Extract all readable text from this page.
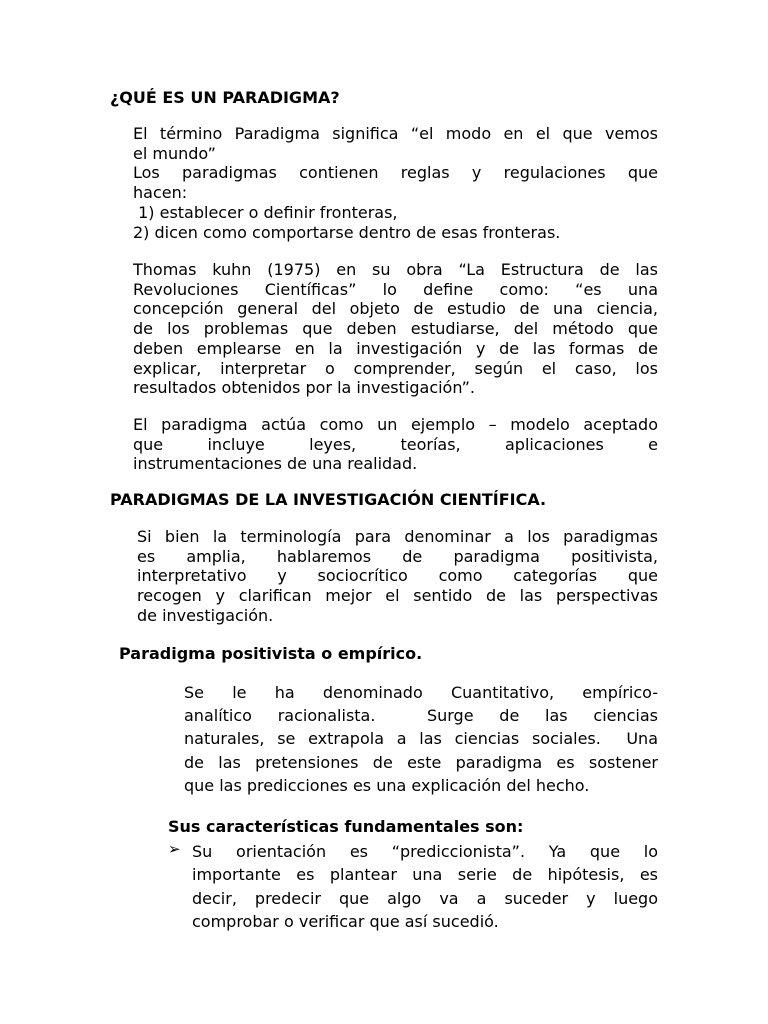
¿QUÉ ES UN PARADIGMA?
El término Paradigma significa “el modo en el que vemos
el mundo”
Los paradigmas contienen reglas y regulaciones que
hacen:
1) establecer o definir fronteras,
2) dicen como comportarse dentro de esas fronteras.
Thomas kuhn (1975) en su obra “La Estructura de las
Revoluciones Científicas” lo define como: “es una
concepción general del objeto de estudio de una ciencia,
de los problemas que deben estudiarse, del método que
deben emplearse en la investigación y de las formas de
explicar, interpretar o comprender, según el caso, los
resultados obtenidos por la investigación”.
El paradigma actúa como un ejemplo – modelo aceptado
que incluye leyes, teorías, aplicaciones e
instrumentaciones de una realidad.
PARADIGMAS DE LA INVESTIGACIÓN CIENTÍFICA.
Si bien la terminología para denominar a los paradigmas
es amplia, hablaremos de paradigma positivista,
interpretativo y sociocrítico como categorías que
recogen y clarifican mejor el sentido de las perspectivas
de investigación.
Paradigma positivista o empírico.
Se le ha denominado Cuantitativo, empírico-
analítico racionalista.  Surge de las ciencias
naturales, se extrapola a las ciencias sociales.  Una
de las pretensiones de este paradigma es sostener
que las predicciones es una explicación del hecho.
Sus características fundamentales son:
➢ Su orientación es “prediccionista”. Ya que lo
importante es plantear una serie de hipótesis, es
decir, predecir que algo va a suceder y luego
comprobar o verificar que así sucedió.
